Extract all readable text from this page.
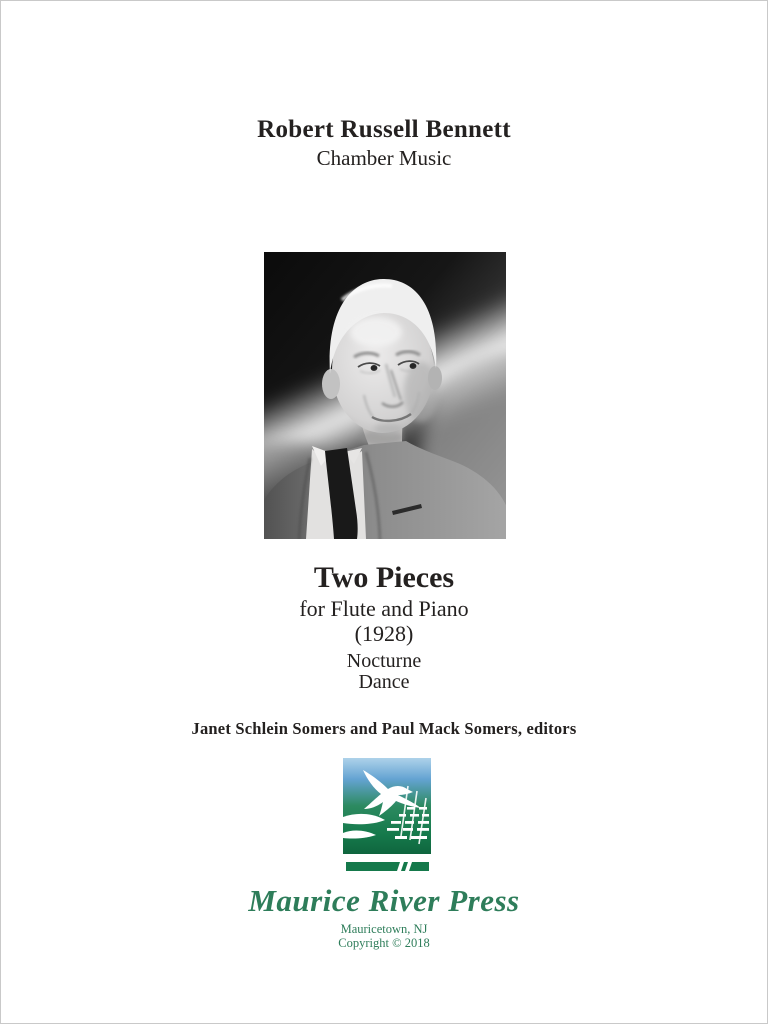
Robert Russell Bennett
Chamber Music
Two Pieces
for Flute and Piano
(1928)
Nocturne
Dance
Janet Schlein Somers and Paul Mack Somers, editors
Maurice River Press
Mauricetown, NJ
Copyright © 2018
